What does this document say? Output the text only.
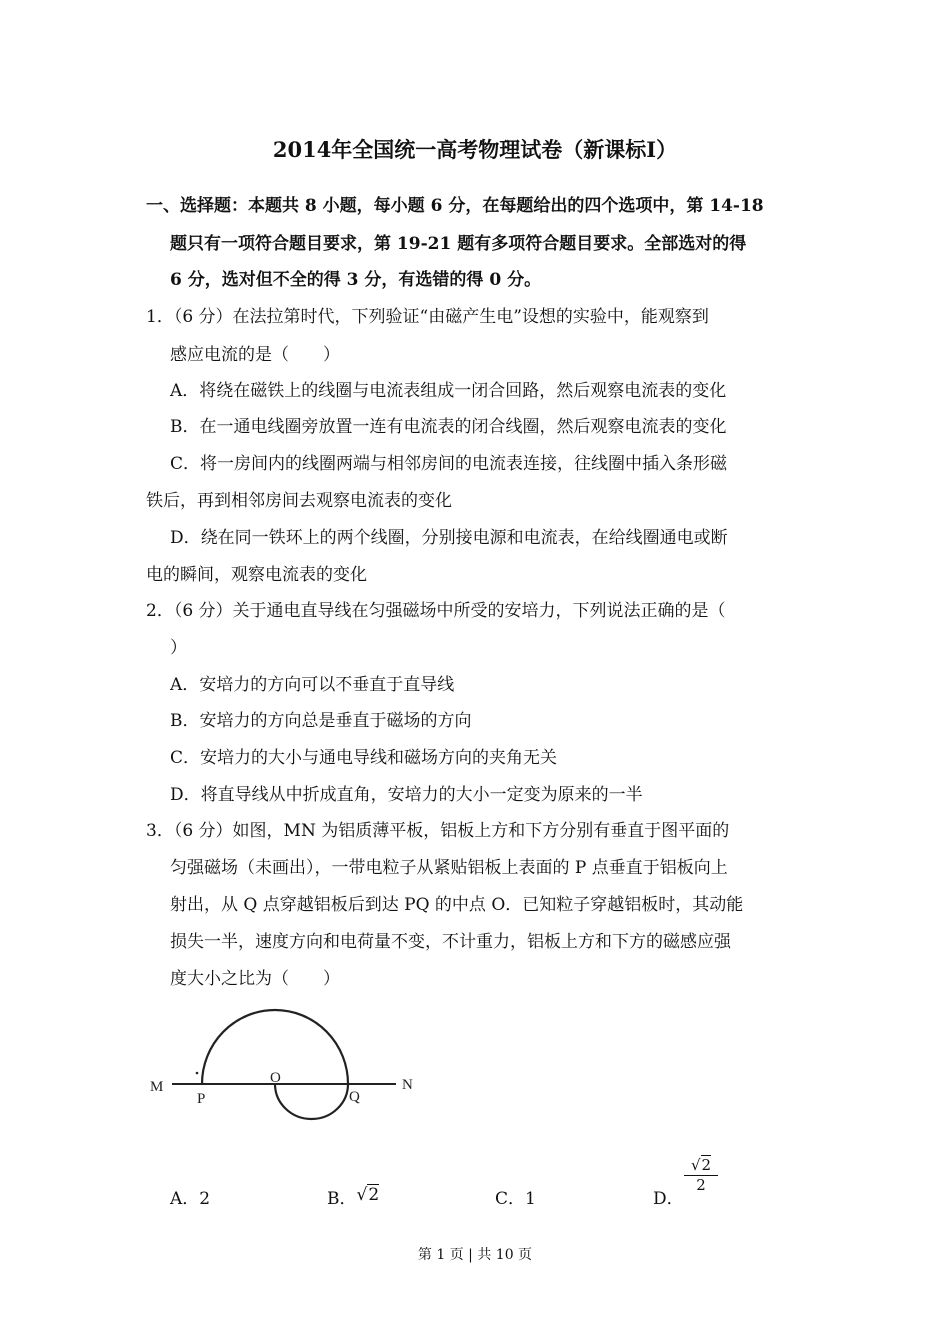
2014年全国统一高考物理试卷（新课标Ⅰ）
一、选择题：本题共 8 小题，每小题 6 分，在每题给出的四个选项中，第 14-18
题只有一项符合题目要求，第 19-21 题有多项符合题目要求。全部选对的得
6 分，选对但不全的得 3 分，有选错的得 0 分。
1．（6 分）在法拉第时代，下列验证“由磁产生电”设想的实验中，能观察到
感应电流的是（　　）
A．将绕在磁铁上的线圈与电流表组成一闭合回路，然后观察电流表的变化
B．在一通电线圈旁放置一连有电流表的闭合线圈，然后观察电流表的变化
C．将一房间内的线圈两端与相邻房间的电流表连接，往线圈中插入条形磁
铁后，再到相邻房间去观察电流表的变化
D．绕在同一铁环上的两个线圈，分别接电源和电流表，在给线圈通电或断
电的瞬间，观察电流表的变化
2．（6 分）关于通电直导线在匀强磁场中所受的安培力，下列说法正确的是（
）
A．安培力的方向可以不垂直于直导线
B．安培力的方向总是垂直于磁场的方向
C．安培力的大小与通电导线和磁场方向的夹角无关
D．将直导线从中折成直角，安培力的大小一定变为原来的一半
3．（6 分）如图，MN 为铝质薄平板，铝板上方和下方分别有垂直于图平面的
匀强磁场（未画出），一带电粒子从紧贴铝板上表面的 P 点垂直于铝板向上
射出，从 Q 点穿越铝板后到达 PQ 的中点 O．已知粒子穿越铝板时，其动能
损失一半，速度方向和电荷量不变，不计重力，铝板上方和下方的磁感应强
度大小之比为（　　）
M	N
P
O
Q
A．2	B．√2	C．1	D．
$\frac{√2}{2}$
第 1 页 | 共 10 页
